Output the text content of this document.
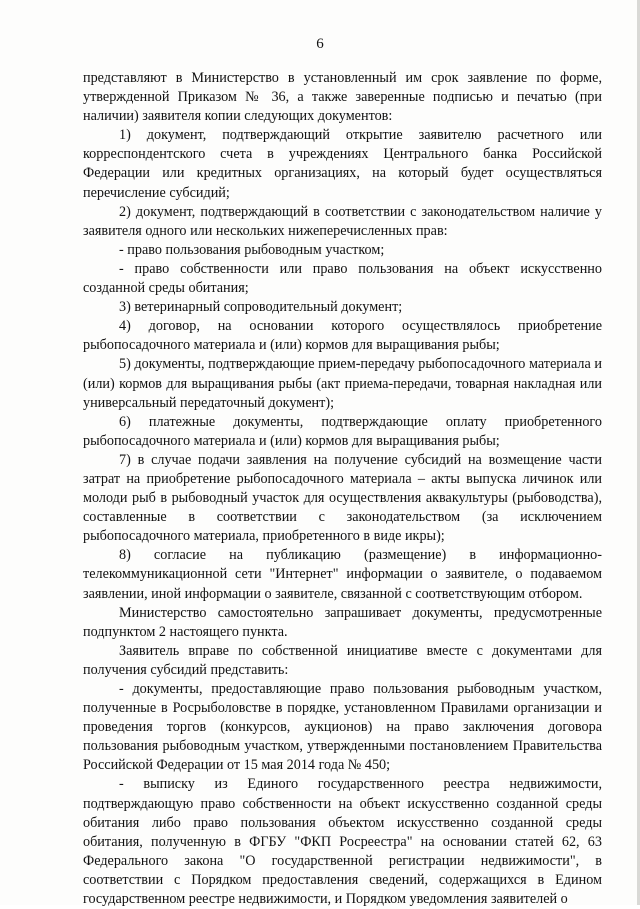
6

представляют в Министерство в установленный им срок заявление по форме, утвержденной Приказом № 36, а также заверенные подписью и печатью (при наличии) заявителя копии следующих документов:

1) документ, подтверждающий открытие заявителю расчетного или корреспондентского счета в учреждениях Центрального банка Российской Федерации или кредитных организациях, на который будет осуществляться перечисление субсидий;

2) документ, подтверждающий в соответствии с законодательством наличие у заявителя одного или нескольких нижеперечисленных прав:

- право пользования рыбоводным участком;

- право собственности или право пользования на объект искусственно созданной среды обитания;

3) ветеринарный сопроводительный документ;

4) договор, на основании которого осуществлялось приобретение рыбопосадочного материала и (или) кормов для выращивания рыбы;

5) документы, подтверждающие прием-передачу рыбопосадочного материала и (или) кормов для выращивания рыбы (акт приема-передачи, товарная накладная или универсальный передаточный документ);

6) платежные документы, подтверждающие оплату приобретенного рыбопосадочного материала и (или) кормов для выращивания рыбы;

7) в случае подачи заявления на получение субсидий на возмещение части затрат на приобретение рыбопосадочного материала – акты выпуска личинок или молоди рыб в рыбоводный участок для осуществления аквакультуры (рыбоводства), составленные в соответствии с законодательством (за исключением рыбопосадочного материала, приобретенного в виде икры);

8) согласие на публикацию (размещение) в информационно-телекоммуникационной сети "Интернет" информации о заявителе, о подаваемом заявлении, иной информации о заявителе, связанной с соответствующим отбором.

Министерство самостоятельно запрашивает документы, предусмотренные подпунктом 2 настоящего пункта.

Заявитель вправе по собственной инициативе вместе с документами для получения субсидий представить:

- документы, предоставляющие право пользования рыбоводным участком, полученные в Росрыболовстве в порядке, установленном Правилами организации и проведения торгов (конкурсов, аукционов) на право заключения договора пользования рыбоводным участком, утвержденными постановлением Правительства Российской Федерации от 15 мая 2014 года № 450;

- выписку из Единого государственного реестра недвижимости, подтверждающую право собственности на объект искусственно созданной среды обитания либо право пользования объектом искусственно созданной среды обитания, полученную в ФГБУ "ФКП Росреестра" на основании статей 62, 63 Федерального закона "О государственной регистрации недвижимости", в соответствии с Порядком предоставления сведений, содержащихся в Едином государственном реестре недвижимости, и Порядком уведомления заявителей о
